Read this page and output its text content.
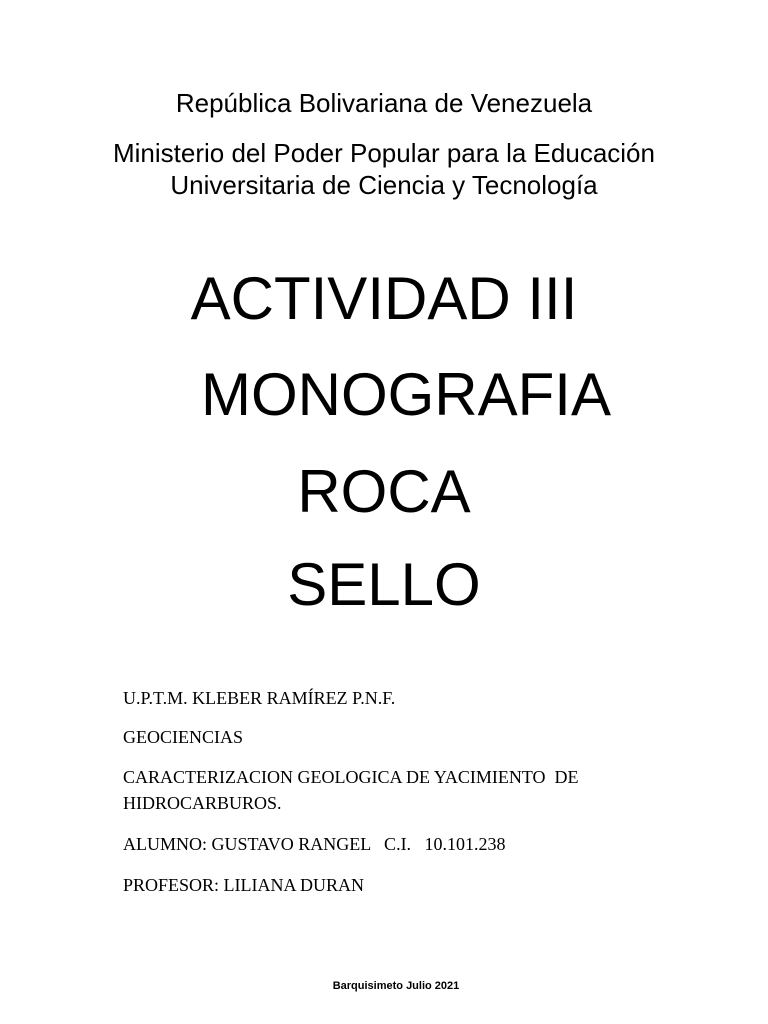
República Bolivariana de Venezuela
Ministerio del Poder Popular para la Educación
Universitaria de Ciencia y Tecnología
ACTIVIDAD III
MONOGRAFIA
ROCA
SELLO
U.P.T.M. KLEBER RAMÍREZ P.N.F.
GEOCIENCIAS
CARACTERIZACION GEOLOGICA DE YACIMIENTO  DE
HIDROCARBUROS.
ALUMNO: GUSTAVO RANGEL   C.I.   10.101.238
PROFESOR: LILIANA DURAN
Barquisimeto Julio 2021
